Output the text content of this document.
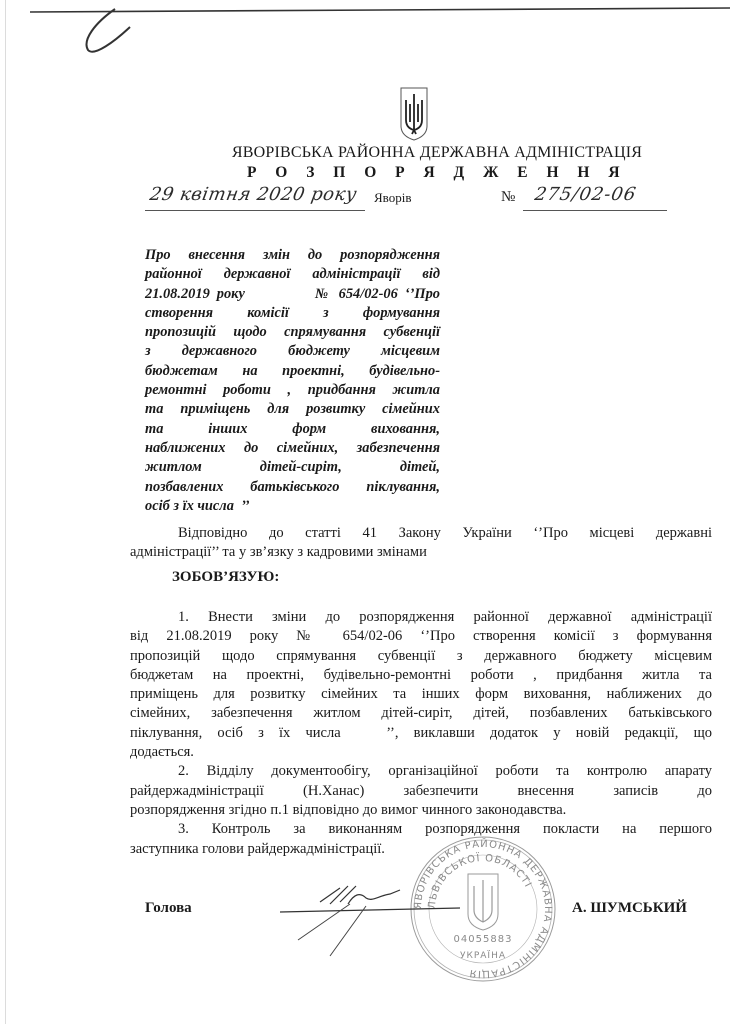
ЯВОРІВСЬКА РАЙОННА ДЕРЖАВНА АДМІНІСТРАЦІЯ
Р О З П О Р Я Д Ж Е Н Н Я
29 квітня 2020 року Яворів	№ 275/02-06
Про внесення змін до розпорядження
районної державної адміністрації від
21.08.2019 року          № 654/02-06 ‘’Про
створення комісії з формування
пропозицій щодо спрямування субвенції
з державного бюджету місцевим
бюджетам на проектні, будівельно-
ремонтні роботи , придбання житла
та приміщень для розвитку сімейних
та інших форм виховання,
наближених до сімейних, забезпечення
житлом дітей-сиріт, дітей,
позбавлених батьківського піклування,
осіб з їх числа  ’’
Відповідно до статті 41 Закону України ‘’Про місцеві державні
адміністрації’’ та у зв’язку з кадровими змінами
ЗОБОВ’ЯЗУЮ:
1. Внести зміни до розпорядження районної державної адміністрації
від 21.08.2019 року № 654/02-06 ‘’Про створення комісії з формування
пропозицій щодо спрямування субвенції з державного бюджету місцевим
бюджетам на проектні, будівельно-ремонтні роботи , придбання житла та
приміщень для розвитку сімейних та інших форм виховання, наближених до
сімейних, забезпечення житлом дітей-сиріт, дітей, позбавлених батьківського
піклування, осіб з їх числа   ’’, виклавши додаток у новій редакції, що
додається.
2. Відділу документообігу, організаційної роботи та контролю апарату
райдержадміністрації (Н.Ханас) забезпечити внесення записів до
розпорядження згідно п.1 відповідно до вимог чинного законодавства.
3. Контроль за виконанням розпорядження покласти на першого
заступника голови райдержадміністрації.
Голова	ЯВОРІВСЬКА РАЙОННА ДЕРЖАВНА АДМІНІСТРАЦІЯ
ЛЬВІВСЬКОЇ ОБЛАСТІ
04055883
УКРАЇНА
А. ШУМСЬКИЙ
